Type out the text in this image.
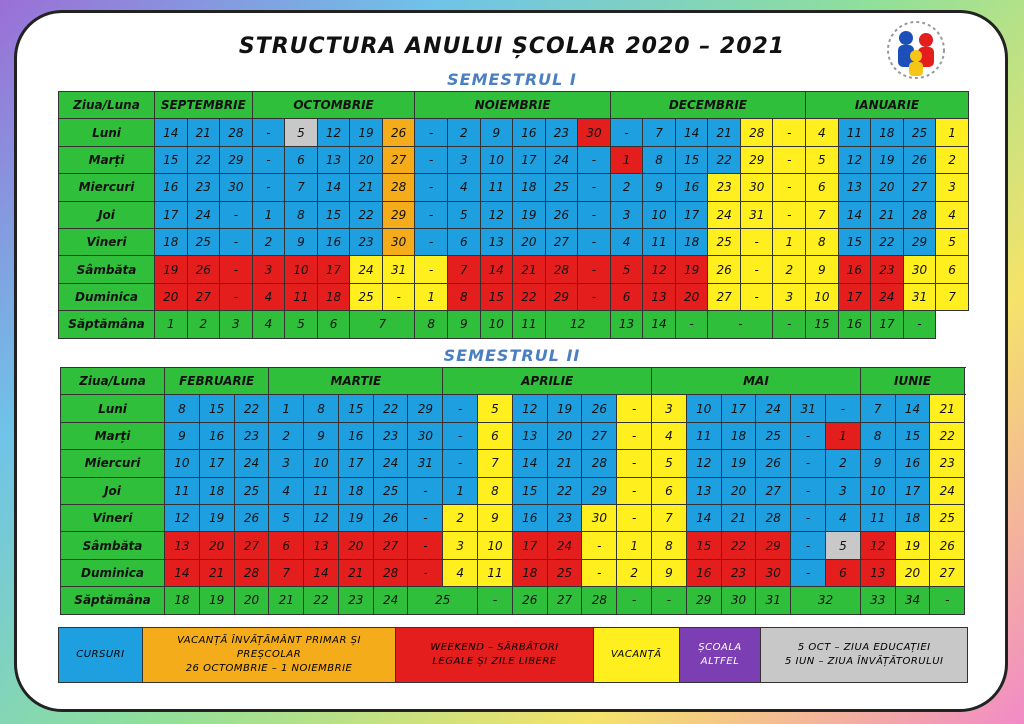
STRUCTURA ANULUI ȘCOLAR 2020 – 2021
SEMESTRUL I
Ziua/Luna	SEPTEMBRIE			OCTOMBRIE					NOIEMBRIE						DECEMBRIE						IANUARIE	
Luni	14	21	28	-	5	12	19	26	-	2	9	16	23	30	-	7	14	21	28	-	4	11	18	25	1	
Marți	15	22	29	-	6	13	20	27	-	3	10	17	24	-	1	8	15	22	29	-	5	12	19	26	2	
Miercuri	16	23	30	-	7	14	21	28	-	4	11	18	25	-	2	9	16	23	30	-	6	13	20	27	3	
Joi	17	24	-	1	8	15	22	29	-	5	12	19	26	-	3	10	17	24	31	-	7	14	21	28	4	
Vineri	18	25	-	2	9	16	23	30	-	6	13	20	27	-	4	11	18	25	-	1	8	15	22	29	5	
Sâmbăta	19	26	-	3	10	17	24	31	-	7	14	21	28	-	5	12	19	26	-	2	9	16	23	30	6	
Duminica	20	27	-	4	11	18	25	-	1	8	15	22	29	-	6	13	20	27	-	3	10	17	24	31	7	
Săptămâna	1	2	3	4	5	6	7		8	9	10	11	12		13	14	-	-		-	15	16	17	-		
SEMESTRUL II
Ziua/Luna	FEBRUARIE			MARTIE					APRILIE						MAI						IUNIE		
Luni	8	15	22	1	8	15	22	29	-	5	12	19	26	-	3	10	17	24	31	-	7	14	21
Marți	9	16	23	2	9	16	23	30	-	6	13	20	27	-	4	11	18	25	-	1	8	15	22
Miercuri	10	17	24	3	10	17	24	31	-	7	14	21	28	-	5	12	19	26	-	2	9	16	23
Joi	11	18	25	4	11	18	25	-	1	8	15	22	29	-	6	13	20	27	-	3	10	17	24
Vineri	12	19	26	5	12	19	26	-	2	9	16	23	30	-	7	14	21	28	-	4	11	18	25
Sâmbăta	13	20	27	6	13	20	27	-	3	10	17	24	-	1	8	15	22	29	-	5	12	19	26
Duminica	14	21	28	7	14	21	28	-	4	11	18	25	-	2	9	16	23	30	-	6	13	20	27
Săptămâna	18	19	20	21	22	23	24	25		-	26	27	28	-	-	29	30	31	32		33	34	-
CURSURI
VACANȚĂ ÎNVĂȚĂMÂNT PRIMAR ȘI
PREȘCOLAR
26 OCTOMBRIE – 1 NOIEMBRIE
WEEKEND – SĂRBĂTORI
LEGALE ȘI ZILE LIBERE
VACANȚĂ
ȘCOALA
ALTFEL
5 OCT – ZIUA EDUCAȚIEI
5 IUN – ZIUA ÎNVĂȚĂTORULUI
